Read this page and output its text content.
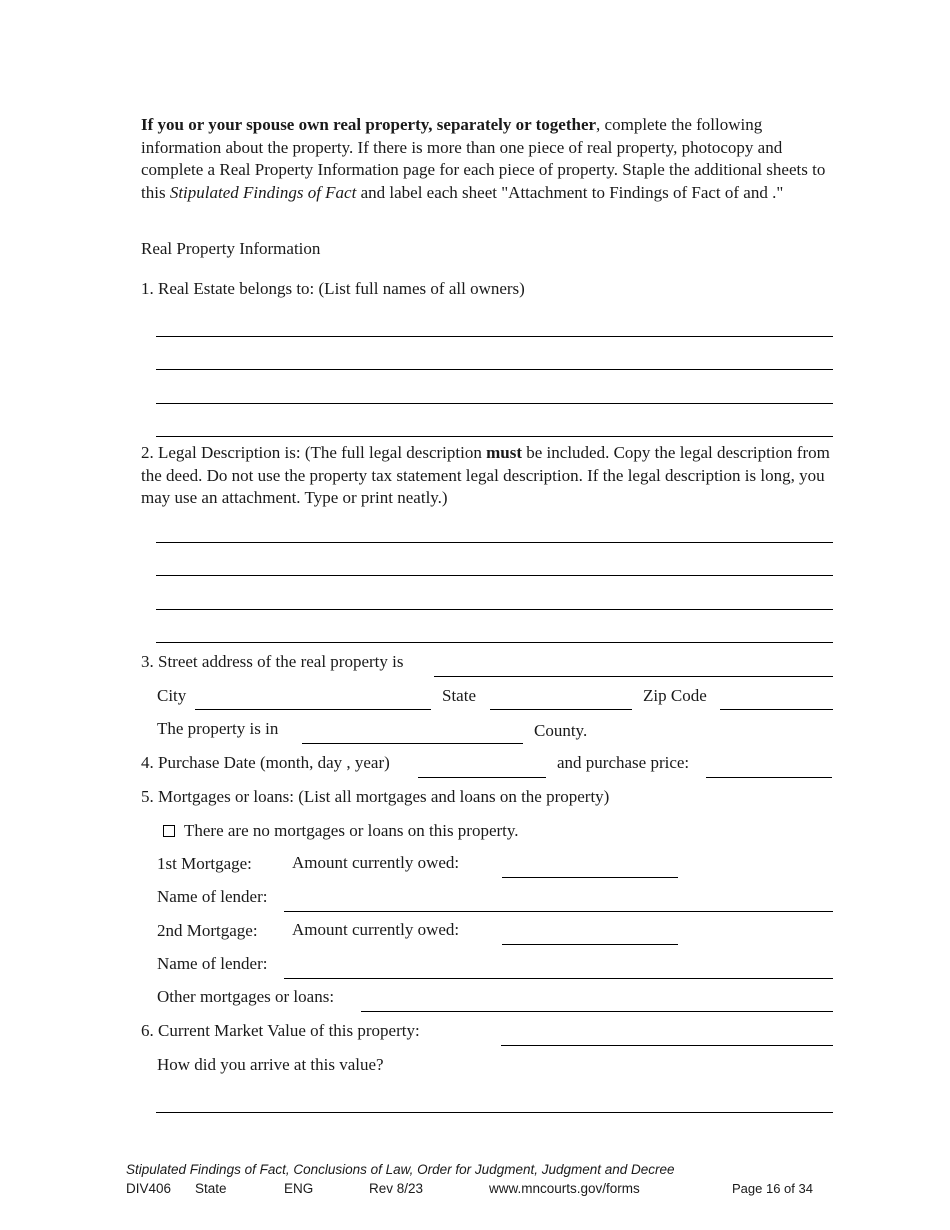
If you or your spouse own real property, separately or together, complete the following information about the property. If there is more than one piece of real property, photocopy and complete a Real Property Information page for each piece of property. Staple the additional sheets to this Stipulated Findings of Fact and label each sheet "Attachment to Findings of Fact of and ."
Real Property Information
1. Real Estate belongs to: (List full names of all owners)
2. Legal Description is: (The full legal description must be included. Copy the legal description from the deed. Do not use the property tax statement legal description. If the legal description is long, you may use an attachment. Type or print neatly.)
3. Street address of the real property is
City	State	Zip Code
The property is in	County.
4. Purchase Date (month, day , year)	and purchase price:
5. Mortgages or loans: (List all mortgages and loans on the property)
There are no mortgages or loans on this property.
1st Mortgage: Amount currently owed:
Name of lender:
2nd Mortgage: Amount currently owed:
Name of lender:
Other mortgages or loans:
6. Current Market Value of this property:
How did you arrive at this value?
Stipulated Findings of Fact, Conclusions of Law, Order for Judgment, Judgment and Decree
DIV406 State	ENG	Rev 8/23	www.mncourts.gov/forms	Page 16 of 34
